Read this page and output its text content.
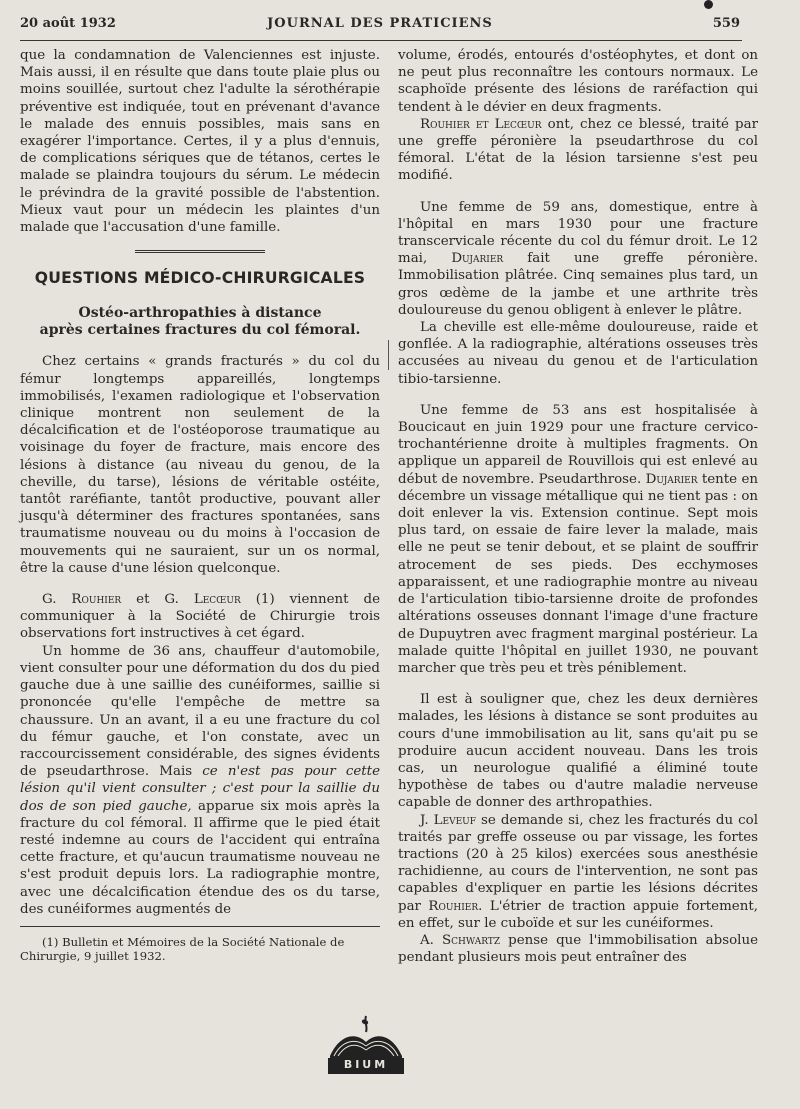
20 août 1932	JOURNAL DES PRATICIENS	559

que la condamnation de Valenciennes est injuste. Mais aussi, il en résulte que dans toute plaie plus ou moins souillée, surtout chez l'adulte la sérothérapie préventive est indiquée, tout en prévenant d'avance le malade des ennuis possibles, mais sans en exagérer l'importance. Certes, il y a plus d'ennuis, de complications sériques que de tétanos, certes le malade se plaindra toujours du sérum. Le médecin le prévindra de la gravité possible de l'abstention. Mieux vaut pour un médecin les plaintes d'un malade que l'accusation d'une famille.

QUESTIONS MÉDICO-CHIRURGICALES
Ostéo-arthropathies à distance
après certaines fractures du col fémoral.

Chez certains « grands fracturés » du col du fémur longtemps appareillés, longtemps immobilisés, l'examen radiologique et l'observation clinique montrent non seulement de la décalcification et de l'ostéoporose traumatique au voisinage du foyer de fracture, mais encore des lésions à distance (au niveau du genou, de la cheville, du tarse), lésions de véritable ostéite, tantôt raréfiante, tantôt productive, pouvant aller jusqu'à déterminer des fractures spontanées, sans traumatisme nouveau ou du moins à l'occasion de mouvements qui ne sauraient, sur un os normal, être la cause d'une lésion quelconque.

G. Rouhier et G. Lecœur (1) viennent de communiquer à la Société de Chirurgie trois observations fort instructives à cet égard.

Un homme de 36 ans, chauffeur d'automobile, vient consulter pour une déformation du dos du pied gauche due à une saillie des cunéiformes, saillie si prononcée qu'elle l'empêche de mettre sa chaussure. Un an avant, il a eu une fracture du col du fémur gauche, et l'on constate, avec un raccourcissement considérable, des signes évidents de pseudarthrose. Mais ce n'est pas pour cette lésion qu'il vient consulter ; c'est pour la saillie du dos de son pied gauche, apparue six mois après la fracture du col fémoral. Il affirme que le pied était resté indemne au cours de l'accident qui entraîna cette fracture, et qu'aucun traumatisme nouveau ne s'est produit depuis lors. La radiographie montre, avec une décalcification étendue des os du tarse, des cunéiformes augmentés de

(1) Bulletin et Mémoires de la Société Nationale de Chirurgie, 9 juillet 1932.

volume, érodés, entourés d'ostéophytes, et dont on ne peut plus reconnaître les contours normaux. Le scaphoïde présente des lésions de raréfaction qui tendent à le dévier en deux fragments.

Rouhier et Lecœur ont, chez ce blessé, traité par une greffe péronière la pseudarthrose du col fémoral. L'état de la lésion tarsienne s'est peu modifié.

Une femme de 59 ans, domestique, entre à l'hôpital en mars 1930 pour une fracture transcervicale récente du col du fémur droit. Le 12 mai, Dujarier fait une greffe péronière. Immobilisation plâtrée. Cinq semaines plus tard, un gros œdème de la jambe et une arthrite très douloureuse du genou obligent à enlever le plâtre.

La cheville est elle-même douloureuse, raide et gonflée. A la radiographie, altérations osseuses très accusées au niveau du genou et de l'articulation tibio-tarsienne.

Une femme de 53 ans est hospitalisée à Boucicaut en juin 1929 pour une fracture cervico-trochantérienne droite à multiples fragments. On applique un appareil de Rouvillois qui est enlevé au début de novembre. Pseudarthrose. Dujarier tente en décembre un vissage métallique qui ne tient pas : on doit enlever la vis. Extension continue. Sept mois plus tard, on essaie de faire lever la malade, mais elle ne peut se tenir debout, et se plaint de souffrir atrocement de ses pieds. Des ecchymoses apparaissent, et une radiographie montre au niveau de l'articulation tibio-tarsienne droite de profondes altérations osseuses donnant l'image d'une fracture de Dupuytren avec fragment marginal postérieur. La malade quitte l'hôpital en juillet 1930, ne pouvant marcher que très peu et très péniblement.

Il est à souligner que, chez les deux dernières malades, les lésions à distance se sont produites au cours d'une immobilisation au lit, sans qu'ait pu se produire aucun accident nouveau. Dans les trois cas, un neurologue qualifié a éliminé toute hypothèse de tabes ou d'autre maladie nerveuse capable de donner des arthropathies.

J. Leveuf se demande si, chez les fracturés du col traités par greffe osseuse ou par vissage, les fortes tractions (20 à 25 kilos) exercées sous anesthésie rachidienne, au cours de l'intervention, ne sont pas capables d'expliquer en partie les lésions décrites par Rouhier. L'étrier de traction appuie fortement, en effet, sur le cuboïde et sur les cunéiformes.

A. Schwartz pense que l'immobilisation absolue pendant plusieurs mois peut entraîner des

BIUM
